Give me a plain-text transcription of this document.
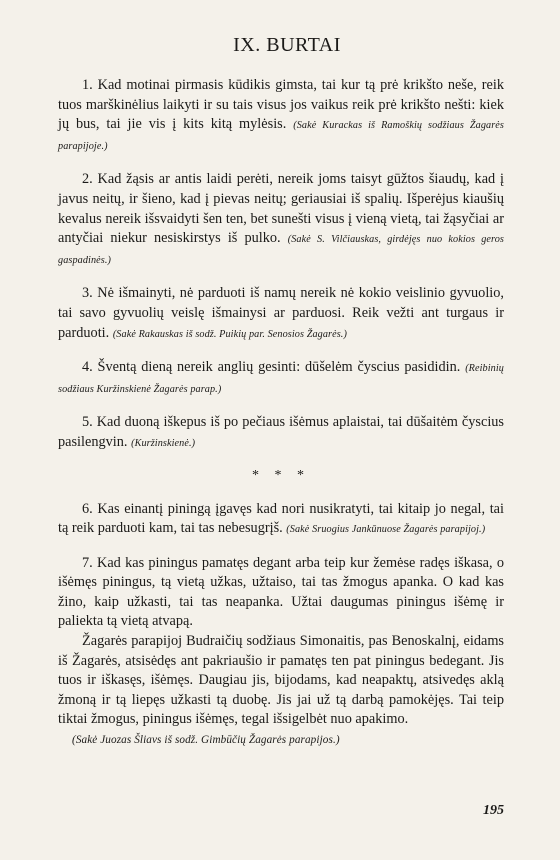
IX. BURTAI

1. Kad motinai pirmasis kūdikis gimsta, tai kur tą prė krikšto neše, reik tuos marškinėlius laikyti ir su tais visus jos vaikus reik prė krikšto nešti: kiek jų bus, tai jie vis į kits kitą mylėsis. (Sakė Kurackas iš Ramoškių sodžiaus Žagarės parapijoje.)

2. Kad žąsis ar antis laidi perėti, nereik joms taisyt gūžtos šiaudų, kad į javus neitų, ir šieno, kad į pievas neitų; geriausiai iš spalių. Išperėjus kiaušių kevalus nereik išsvaidyti šen ten, bet sunešti visus į vieną vietą, tai žąsyčiai ar antyčiai niekur nesiskirstys iš pulko. (Sakė S. Vilčiauskas, girdėjęs nuo kokios geros gaspadinės.)

3. Nė išmainyti, nė parduoti iš namų nereik nė kokio veislinio gyvuolio, tai savo gyvuolių veislę išmainysi ar parduosi. Reik vežti ant turgaus ir parduoti. (Sakė Rakauskas iš sodž. Puikių par. Senosios Žagarės.)

4. Šventą dieną nereik anglių gesinti: dūšelėm čyscius pasididin. (Reibinių sodžiaus Kuržinskienė Žagarės parap.)

5. Kad duoną iškepus iš po pečiaus išėmus aplaistai, tai dūšaitėm čyscius pasilengvin. (Kuržinskienė.)

* * *

6. Kas einantį piningą įgavęs kad nori nusikratyti, tai kitaip jo negal, tai tą reik parduoti kam, tai tas nebesugrįš. (Sakė Sruogius Jankūnuose Žagarės parapijoj.)

7. Kad kas piningus pamatęs degant arba teip kur žemėse radęs iškasa, o išėmęs piningus, tą vietą užkas, užtaiso, tai tas žmogus apanka. O kad kas žino, kaip užkasti, tai tas neapanka. Užtai daugumas piningus išėmę ir paliekta tą vietą atvapą.

Žagarės parapijoj Budraičių sodžiaus Simonaitis, pas Benoskalnį, eidams iš Žagarės, atsisėdęs ant pakriaušio ir pamatęs ten pat piningus bedegant. Jis tuos ir iškasęs, išėmęs. Daugiau jis, bijodams, kad neapaktų, atsivedęs aklą žmoną ir tą liepęs užkasti tą duobę. Jis jai už tą darbą pamokėjęs. Tai teip tiktai žmogus, piningus išėmęs, tegal išsigelbėt nuo apakimo.

(Sakė Juozas Šliavs iš sodž. Gimbūčių Žagarės parapijos.)
195
